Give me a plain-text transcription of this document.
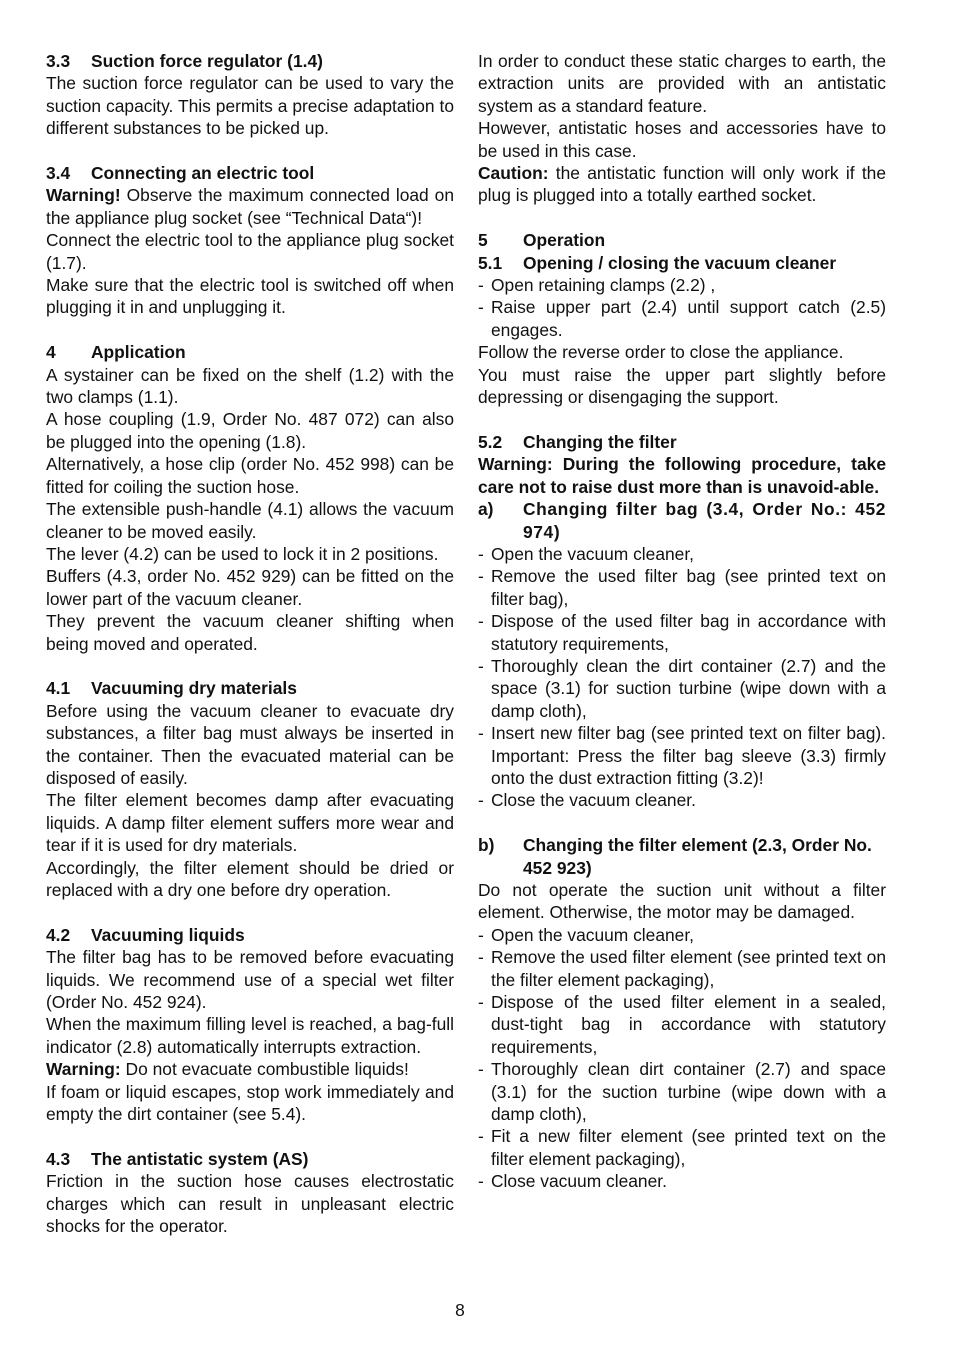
3.3	Suction force regulator (1.4)

The suction force regulator can be used to vary the suction capacity. This permits a precise adaptation to different substances to be picked up.

3.4	Connecting an electric tool

Warning! Observe the maximum connected load on the appliance plug socket (see “Technical Data“)!

Connect the electric tool to the appliance plug socket (1.7).

Make sure that the electric tool is switched off when plugging it in and unplugging it.

4	Application

A systainer can be fixed on the shelf (1.2) with the two clamps (1.1).

A hose coupling (1.9, Order No. 487 072) can also be plugged into the opening (1.8).

Alternatively, a hose clip (order No. 452 998) can be fitted for coiling the suction hose.

The extensible push-handle (4.1) allows the vacuum cleaner to be moved easily.

The lever (4.2) can be used to lock it in 2 positions.

Buffers (4.3, order No. 452 929) can be fitted on the lower part of the vacuum cleaner.

They prevent the vacuum cleaner shifting when being moved and operated.

4.1	Vacuuming dry materials

Before using the vacuum cleaner to evacuate dry substances, a filter bag must always be inserted in the container. Then the evacuated material can be disposed of easily.

The filter element becomes damp after evacuating liquids. A damp filter element suffers more wear and tear if it is used for dry materials.

Accordingly, the filter element should be dried or replaced with a dry one before dry operation.

4.2	Vacuuming liquids

The filter bag has to be removed before evacuating liquids. We recommend use of a special wet filter (Order No. 452 924).

When the maximum filling level is reached, a bag-full indicator (2.8) automatically interrupts extraction.

Warning: Do not evacuate combustible liquids!

If foam or liquid escapes, stop work immediately and empty the dirt container (see 5.4).

4.3	The antistatic system (AS)

Friction in the suction hose causes electrostatic charges which can result in unpleasant electric shocks for the operator.

In order to conduct these static charges to earth, the extraction units are provided with an antistatic system as a standard feature.

However, antistatic hoses and accessories have to be used in this case.

Caution: the antistatic function will only work if the plug is plugged into a totally earthed socket.

5	Operation
5.1	Opening / closing the vacuum cleaner
- Open retaining clamps (2.2) ,
- Raise upper part (2.4) until support catch (2.5) engages.

Follow the reverse order to close the appliance.

You must raise the upper part slightly before depressing or disengaging the support.

5.2	Changing the filter

Warning: During the following procedure, take care not to raise dust more than is unavoid-able.

a)	Changing filter bag (3.4, Order No.: 452 974)
- Open the vacuum cleaner,
- Remove the used filter bag (see printed text on filter bag),
- Dispose of the used filter bag in accordance with statutory requirements,
- Thoroughly clean the dirt container (2.7) and the space (3.1) for suction turbine (wipe down with a damp cloth),
- Insert new filter bag (see printed text on filter bag). Important: Press the filter bag sleeve (3.3) firmly onto the dust extraction fitting (3.2)!
- Close the vacuum cleaner.
b)	Changing the filter element (2.3, Order No. 452 923)

Do not operate the suction unit without a filter element. Otherwise, the motor may be damaged.

- Open the vacuum cleaner,
- Remove the used filter element (see printed text on the filter element packaging),
- Dispose of the used filter element in a sealed, dust-tight bag in accordance with statutory requirements,
- Thoroughly clean dirt container (2.7) and space (3.1) for the suction turbine (wipe down with a damp cloth),
- Fit a new filter element (see printed text on the filter element packaging),
- Close vacuum cleaner.
8
